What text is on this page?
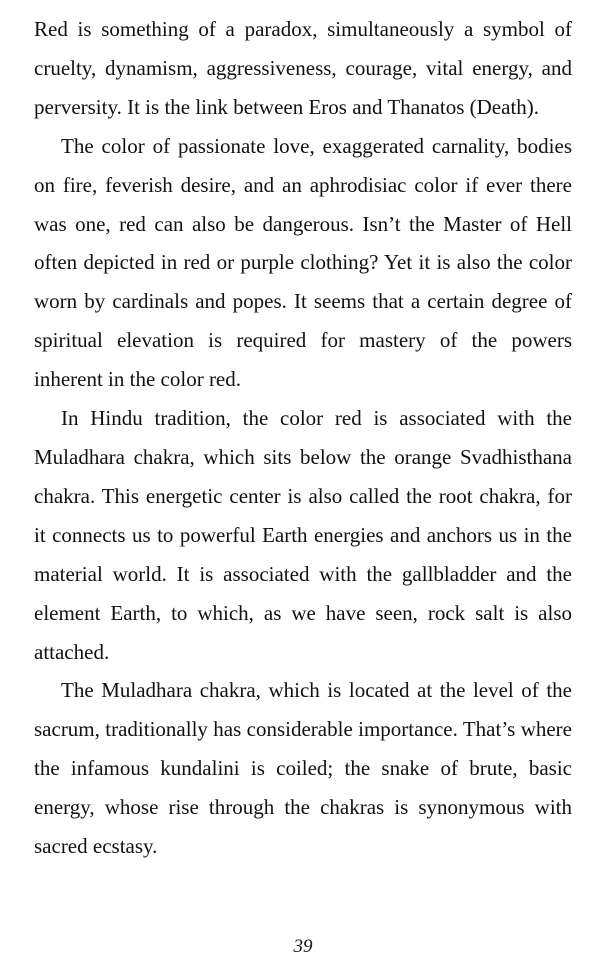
Red is something of a paradox, simultaneously a symbol of cruelty, dynamism, aggressiveness, courage, vital energy, and perversity. It is the link between Eros and Thanatos (Death).

The color of passionate love, exaggerated carnality, bodies on fire, feverish desire, and an aphrodisiac color if ever there was one, red can also be dangerous. Isn’t the Master of Hell often depicted in red or purple clothing? Yet it is also the color worn by cardinals and popes. It seems that a certain degree of spiritual elevation is required for mastery of the powers inherent in the color red.

In Hindu tradition, the color red is associated with the Muladhara chakra, which sits below the orange Svadhisthana chakra. This energetic center is also called the root chakra, for it connects us to powerful Earth energies and anchors us in the material world. It is associated with the gallbladder and the element Earth, to which, as we have seen, rock salt is also attached.

The Muladhara chakra, which is located at the level of the sacrum, traditionally has considerable importance. That’s where the infamous kundalini is coiled; the snake of brute, basic energy, whose rise through the chakras is synonymous with sacred ecstasy.

39
